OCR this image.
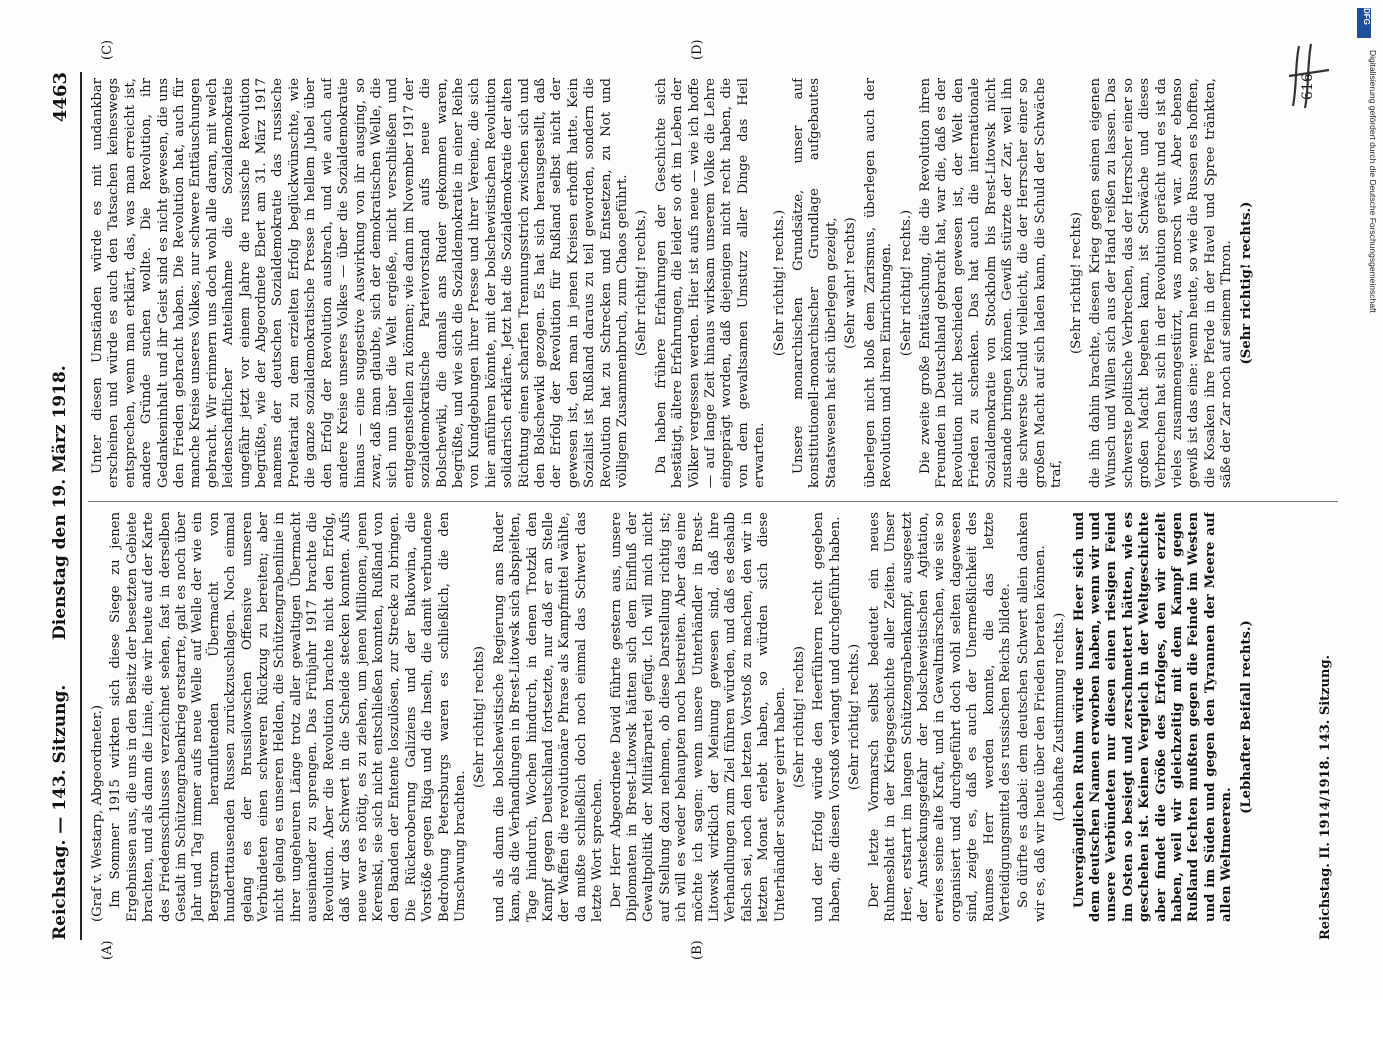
Reichstag. — 143. Sitzung.
Dienstag den 19. März 1918.
4463
(A)	(B)
(C)	(D)

(Graf v. Westarp, Abgeordneter.) Im Sommer 1915 wirkten sich diese Siege zu jenen Ergebnissen aus, die uns in den Besitz der besetzten Gebiete brachten, und als dann die Linie, die wir heute auf der Karte des Friedensschlusses verzeichnet sehen, fast in derselben Gestalt im Schützengrabenkrieg erstarrte, galt es noch über Jahr und Tag immer aufs neue Welle auf Welle der wie ein Bergstrom heranflutenden Übermacht von hunderttausenden Russen zurückzuschlagen. Noch einmal gelang es der Brussilowschen Offensive unseren Verbündeten einen schweren Rückzug zu bereiten; aber nicht gelang es unseren Helden, die Schützengrabenlinie in ihrer ungeheuren Länge trotz aller gewaltigen Übermacht auseinander zu sprengen. Das Frühjahr 1917 brachte die Revolution. Aber die Revolution brachte nicht den Erfolg, daß wir das Schwert in die Scheide stecken konnten. Aufs neue war es nötig, es zu ziehen, um jenen Millionen, jenen Kerenski, sie sich nicht entschließen konnten, Rußland von den Banden der Entente loszulösen, zur Strecke zu bringen. Die Rückeroberung Galiziens und der Bukowina, die Vorstöße gegen Riga und die Inseln, die damit verbundene Bedrohung Petersburgs waren es schließlich, die den Umschwung brachten.

(Sehr richtig! rechts) und als dann die bolschewistische Regierung ans Ruder kam, als die Verhandlungen in Brest-Litowsk sich abspielten, Tage hindurch, Wochen hindurch, in denen Trotzki den Kampf gegen Deutschland fortsetzte, nur daß er an Stelle der Waffen die revolutionäre Phrase als Kampfmittel wählte, da mußte schließlich doch noch einmal das Schwert das letzte Wort sprechen. Der Herr Abgeordnete David führte gestern aus, unsere Diplomaten in Brest-Litowsk hätten sich dem Einfluß der Gewaltpolitik der Militärpartei gefügt. Ich will mich nicht auf Stellung dazu nehmen, ob diese Darstellung richtig ist; ich will es weder behaupten noch bestreiten. Aber das eine möchte ich sagen: wenn unsere Unterhändler in Brest-Litowsk wirklich der Meinung gewesen sind, daß ihre Verhandlungen zum Ziel führen würden, und daß es deshalb falsch sei, noch den letzten Vorstoß zu machen, den wir in letzten Monat erlebt haben, so würden sich diese Unterhändler schwer geirrt haben. (Sehr richtig! rechts) und der Erfolg würde den Heerführern recht gegeben haben, die diesen Vorstoß verlangt und durchgeführt haben. (Sehr richtig! rechts.) Der letzte Vormarsch selbst bedeutet ein neues Ruhmesblatt in der Kriegsgeschichte aller Zeiten. Unser Heer, erstarrt im langen Schützengrabenkampf, ausgesetzt der Ansteckungsgefahr der bolschewistischen Agitation, erwies seine alte Kraft, und in Gewaltmärschen, wie sie so organisiert und durchgeführt doch wohl selten dagewesen sind, zeigte es, daß es auch der Unermeßlichkeit des Raumes Herr werden konnte, die das letzte Verteidigungsmittel des russischen Reichs bildete. So dürfte es dabei: dem deutschen Schwert allein danken wir es, daß wir heute über den Frieden beraten können. (Lebhafte Zustimmung rechts.) Unvergänglichen Ruhm würde unser Heer sich und dem deutschen Namen erworben haben, wenn wir und unsere Verbündeten nur diesen einen riesigen Feind im Osten so besiegt und zerschmettert hätten, wie es geschehen ist. Keinen Vergleich in der Weltgeschichte aber findet die Größe des Erfolges, den wir erzielt haben, weil wir gleichzeitig mit dem Kampf gegen Rußland fechten mußten gegen die Feinde im Westen und im Süden und gegen den Tyrannen der Meere auf allen Weltmeeren.

(Lebhafter Beifall rechts.)

Unter diesen Umständen würde es mit undankbar erscheinen und würde es auch den Tatsachen keineswegs entsprechen, wenn man erklärt, das, was man erreicht ist, andere Gründe suchen wollte. Die Revolution, ihr Gedankeninhalt und ihr Geist sind es nicht gewesen, die uns den Frieden gebracht haben. Die Revolution hat, auch für manche Kreise unseres Volkes, nur schwere Enttäuschungen gebracht. Wir erinnern uns doch wohl alle daran, mit welch leidenschaftlicher Anteilnahme die Sozialdemokratie ungefähr jetzt vor einem Jahre die russische Revolution begrüßte, wie der Abgeordnete Ebert am 31. März 1917 namens der deutschen Sozialdemokratie das russische Proletariat zu dem erzielten Erfolg beglückwünschte, wie die ganze sozialdemokratische Presse in hellem Jubel über den Erfolg der Revolution ausbrach, und wie auch auf andere Kreise unseres Volkes — über die Sozialdemokratie hinaus — eine suggestive Auswirkung von ihr ausging, so zwar, daß man glaubte, sich der demokratischen Welle, die sich nun über die Welt ergieße, nicht verschließen und entgegenstellen zu können; wie dann im November 1917 der sozialdemokratische Parteivorstand aufs neue die Bolschewiki, die damals ans Ruder gekommen waren, begrüßte, und wie sich die Sozialdemokratie in einer Reihe von Kundgebungen ihrer Presse und ihrer Vereine, die sich hier anführen könnte, mit der bolschewistischen Revolution solidarisch erklärte. Jetzt hat die Sozialdemokratie der alten Richtung einen scharfen Trennungsstrich zwischen sich und den Bolschewiki gezogen. Es hat sich herausgestellt, daß der Erfolg der Revolution für Rußland selbst nicht der gewesen ist, den man in jenen Kreisen erhofft hatte. Kein Sozialist ist Rußland daraus zu teil geworden, sondern die Revolution hat zu Schrecken und Entsetzen, zu Not und völligem Zusammenbruch, zum Chaos geführt. (Sehr richtig! rechts.) Da haben frühere Erfahrungen der Geschichte sich bestätigt, ältere Erfahrungen, die leider so oft im Leben der Völker vergessen werden. Hier ist aufs neue — wie ich hoffe — auf lange Zeit hinaus wirksam unserem Volke die Lehre eingeprägt worden, daß diejenigen nicht recht haben, die von dem gewaltsamen Umsturz aller Dinge das Heil erwarten.

(Sehr richtig! rechts.) Unsere monarchischen Grundsätze, unser auf konstitutionell-monarchischer Grundlage aufgebautes Staatswesen hat sich überlegen gezeigt, (Sehr wahr! rechts) überlegen nicht bloß dem Zarismus, überlegen auch der Revolution und ihren Einrichtungen. (Sehr richtig! rechts.) Die zweite große Enttäuschung, die die Revolution ihren Freunden in Deutschland gebracht hat, war die, daß es der Revolution nicht beschieden gewesen ist, der Welt den Frieden zu schenken. Das hat auch die internationale Sozialdemokratie von Stockholm bis Brest-Litowsk nicht zustande bringen können. Gewiß stürzte der Zar, weil ihn die schwerste Schuld vielleicht, die der Herrscher einer so großen Macht auf sich laden kann, die Schuld der Schwäche traf,

(Sehr richtig! rechts) die ihn dahin brachte, diesen Krieg gegen seinen eigenen Wunsch und Willen sich aus der Hand reißen zu lassen. Das schwerste politische Verbrechen, das der Herrscher einer so großen Macht begehen kann, ist Schwäche und dieses Verbrechen hat sich in der Revolution gerächt und es ist da vieles zusammengestürzt, was morsch war. Aber ebenso gewiß ist das eine: wenn heute, so wie die Russen es hofften, die Kosaken ihre Pferde in der Havel und Spree tränkten, säße der Zar noch auf seinem Thron. (Sehr richtig! rechts.)

Reichstag. II. 1914/1918. 143. Sitzung.
616
DFG
Digitalisierung gefördert durch die Deutsche Forschungsgemeinschaft
